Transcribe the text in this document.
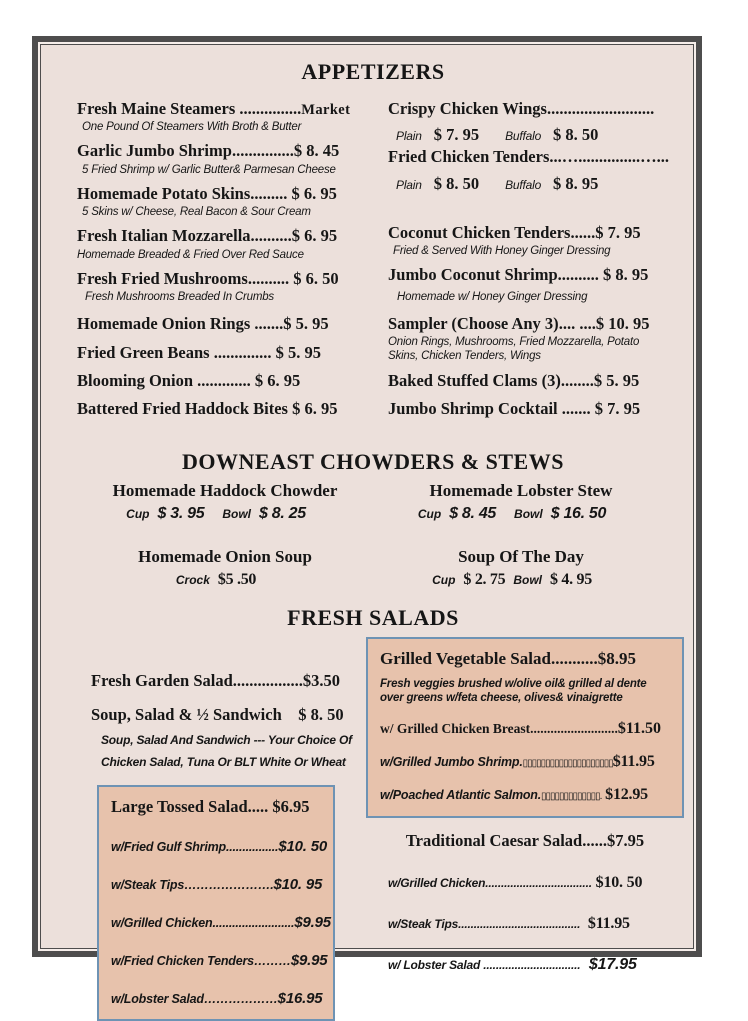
APPETIZERS
Fresh Maine Steamers ...............Market
One Pound Of Steamers With Broth & Butter
Garlic Jumbo Shrimp...............$ 8. 45
5 Fried Shrimp w/ Garlic Butter& Parmesan Cheese
Homemade Potato Skins......... $ 6. 95
5 Skins w/ Cheese, Real Bacon & Sour Cream
Fresh Italian Mozzarella..........$ 6. 95
Homemade Breaded & Fried Over Red Sauce
Fresh Fried Mushrooms.......... $ 6. 50
Fresh Mushrooms Breaded In Crumbs
Homemade Onion Rings .......$ 5. 95
Fried Green Beans .............. $ 5. 95
Blooming Onion ............. $ 6. 95
Battered Fried Haddock Bites $ 6. 95
Crispy Chicken Wings..........................
Plain $ 7. 95 Buffalo $ 8. 50
Fried Chicken Tenders...…...............…...
Plain $ 8. 50 Buffalo $ 8. 95
Coconut Chicken Tenders......$ 7. 95
Fried & Served With Honey Ginger Dressing
Jumbo Coconut Shrimp.......... $ 8. 95
Homemade w/ Honey Ginger Dressing
Sampler (Choose Any 3).... ....$ 10. 95
Onion Rings, Mushrooms, Fried Mozzarella, Potato Skins, Chicken Tenders, Wings
Baked Stuffed Clams (3)........$ 5. 95
Jumbo Shrimp Cocktail ....... $ 7. 95
DOWNEAST CHOWDERS & STEWS
Homemade Haddock Chowder
Cup $ 3. 95 Bowl $ 8. 25
Homemade Lobster Stew
Cup $ 8. 45 Bowl $ 16. 50
Homemade Onion Soup
Crock $5 .50
Soup Of The Day
Cup $ 2. 75 Bowl $ 4. 95
FRESH SALADS
Fresh Garden Salad.................$3.50
Soup, Salad & ½ Sandwich $ 8. 50
Soup, Salad And Sandwich --- Your Choice Of
Chicken Salad, Tuna Or BLT White Or Wheat
Large Tossed Salad..... $6.95
w/Fried Gulf Shrimp................$10. 50
w/Steak Tips………………….$10. 95
w/Grilled Chicken.........................$9.95
w/Fried Chicken Tenders………$9.95
w/Lobster Salad………………$16.95
Grilled Vegetable Salad...........$8.95
Fresh veggies brushed w/olive oil& grilled al dente over greens w/feta cheese, olives& vinaigrette
w/ Grilled Chicken Breast..........................$11.50
w/Grilled Jumbo Shrimp.▯▯▯▯▯▯▯▯▯▯▯▯▯▯▯▯▯▯▯▯$11.95
w/Poached Atlantic Salmon.▯▯▯▯▯▯▯▯▯▯▯▯▯. $12.95
Traditional Caesar Salad......$7.95
w/Grilled Chicken.................................. $10. 50
w/Steak Tips.......................................  $11.95
w/ Lobster Salad ...............................  $17.95
